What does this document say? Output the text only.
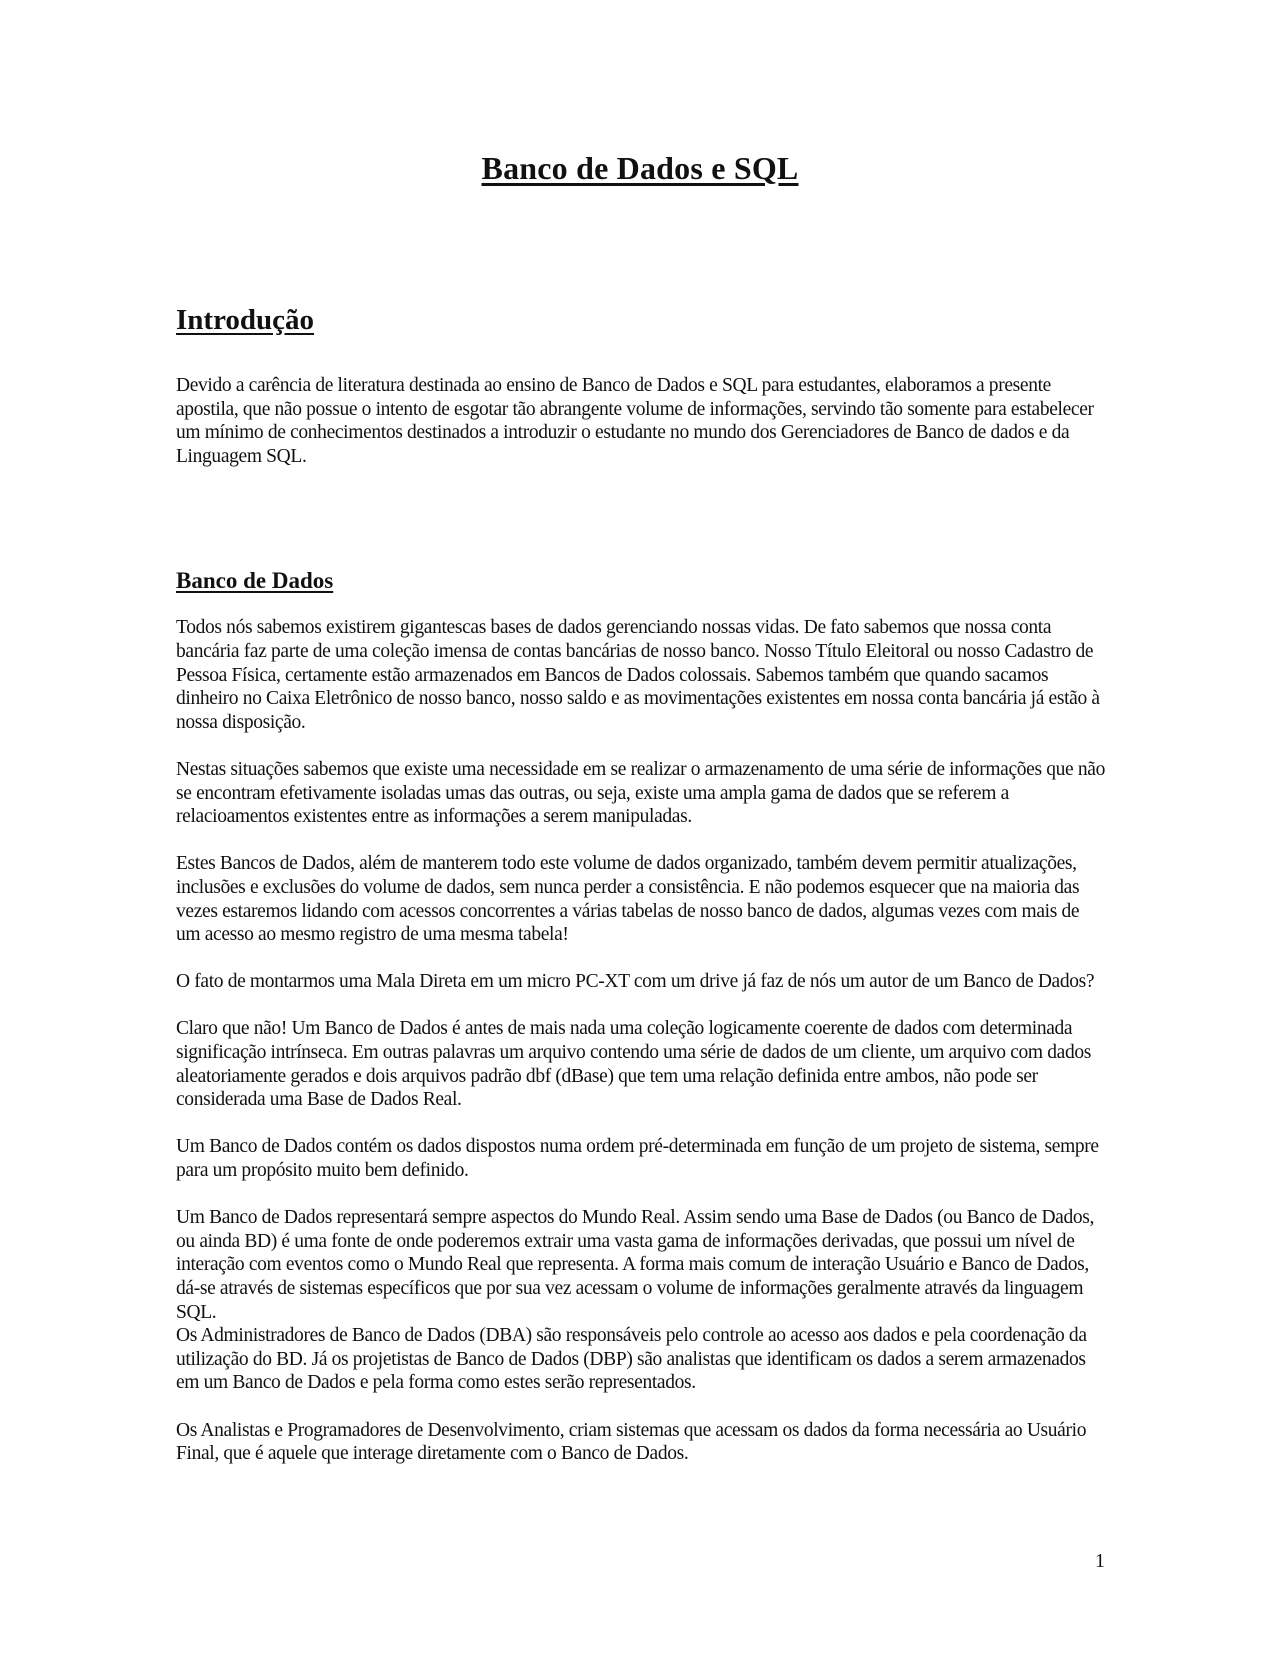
Banco de Dados e SQL
Introdução

Devido a carência de literatura destinada ao ensino de Banco de Dados e SQL para estudantes, elaboramos a presente apostila, que não possue o intento de esgotar tão abrangente volume de informações, servindo tão somente para estabelecer um mínimo de conhecimentos destinados a introduzir o estudante no mundo dos Gerenciadores de Banco de dados e da Linguagem SQL.

Banco de Dados

Todos nós sabemos existirem gigantescas bases de dados gerenciando nossas vidas. De fato sabemos que nossa conta bancária faz parte de uma coleção imensa de contas bancárias de nosso banco. Nosso Título Eleitoral ou nosso Cadastro de Pessoa Física, certamente estão armazenados em Bancos de Dados colossais. Sabemos também que quando sacamos dinheiro no Caixa Eletrônico de nosso banco, nosso saldo e as movimentações existentes em nossa conta bancária já estão à nossa disposição.

Nestas situações sabemos que existe uma necessidade em se realizar o armazenamento de uma série de informações que não se encontram efetivamente isoladas umas das outras, ou seja, existe uma ampla gama de dados que se referem a relacioamentos existentes entre as informações a serem manipuladas.

Estes Bancos de Dados, além de manterem todo este volume de dados organizado, também devem permitir atualizações, inclusões e exclusões do volume de dados, sem nunca perder a consistência. E não podemos esquecer que na maioria das vezes estaremos lidando com acessos concorrentes a várias tabelas de nosso banco de dados, algumas vezes com mais de um acesso ao mesmo registro de uma mesma tabela!

O fato de montarmos uma Mala Direta em um micro PC-XT com um drive já faz de nós um autor de um Banco de Dados?

Claro que não! Um Banco de Dados é antes de mais nada uma coleção logicamente coerente de dados com determinada significação intrínseca. Em outras palavras um arquivo contendo uma série de dados de um cliente, um arquivo com dados aleatoriamente gerados e dois arquivos padrão dbf (dBase) que tem uma relação definida entre ambos, não pode ser considerada uma Base de Dados Real.

Um Banco de Dados contém os dados dispostos numa ordem pré-determinada em função de um projeto de sistema, sempre para um propósito muito bem definido.

Um Banco de Dados representará sempre aspectos do Mundo Real. Assim sendo uma Base de Dados (ou Banco de Dados, ou ainda BD) é uma fonte de onde poderemos extrair uma vasta gama de informações derivadas, que possui um nível de interação com eventos como o Mundo Real que representa. A forma mais comum de interação Usuário e Banco de Dados, dá-se através de sistemas específicos que por sua vez acessam o volume de informações geralmente através da linguagem SQL.

Os Administradores de Banco de Dados (DBA) são responsáveis pelo controle ao acesso aos dados e pela coordenação da utilização do BD. Já os projetistas de Banco de Dados (DBP) são analistas que identificam os dados a serem armazenados em um Banco de Dados e pela forma como estes serão representados.

Os Analistas e Programadores de Desenvolvimento, criam sistemas que acessam os dados da forma necessária ao Usuário Final, que é aquele que interage diretamente com o Banco de Dados.

1
